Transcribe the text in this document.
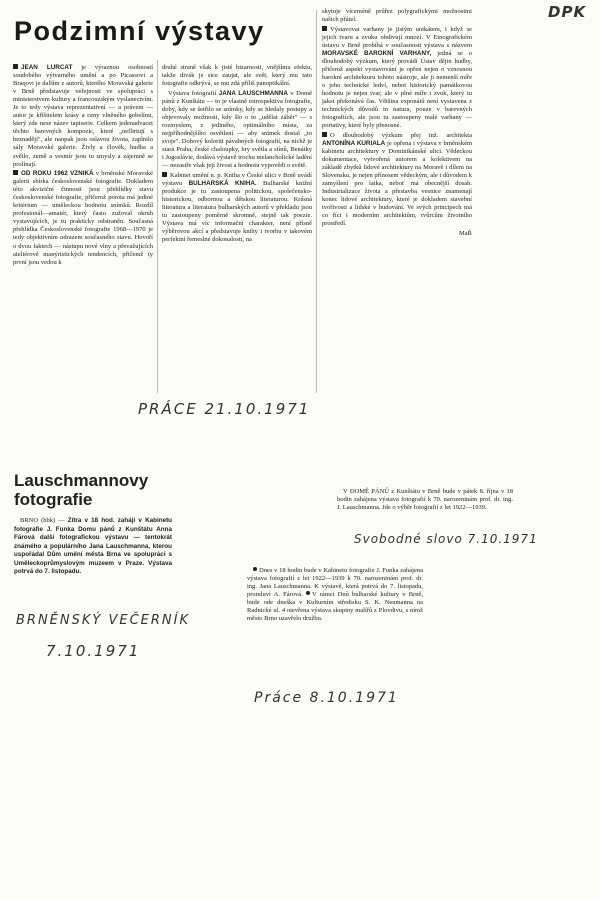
DPK
Podzimní výstavy

JEAN LURCAT je výraznou osobností soudobého výtvarného umění a po Picassovi a Braqovi je dalším z autorů, kterého Moravská galerie v Brně představuje veřejnosti ve spolupráci s ministerstvem kultury a francouzským vyslanectvím. Je to tedy výstava reprezentativní — a právem — autor je kříšitelem krásy a ceny vlněného gobelínu, který zde nese název tapiserie. Celkem jedenadvacet těchto barevných kompozic, které „neflirtují s beznadějí", ale naopak jsou oslavou života, zaplnilo sály Moravské galerie. Živly a člověk, hudba a světlo, země a vesmír jsou tu smysly a zájemně se prolínají.

OD ROKU 1962 VZNIKÁ v brněnské Moravské galerii sbírka československé fotografie. Dokladem této akviziční činnosti jsou přehlídky stavu československé fotografie, přičemž porota má jediné kritérium — uměleckou hodnotu snímků. Rozdíl profesionál—amatér, který často zužoval okruh vystavujících, je tu prakticky odstraněn. Současná přehlídka Československé fotografie 1968—1970 je tedy objektivním odrazem současného stavu. Hovoří o dvou faktech — nástupu nové vlny a převažujících ateliérově manýristických tendencích, přičemž ty první jsou vedou k

druhé straně však k jisté bizarnosti, vnějšímu efektu, takže divák je sice zaujat, ale svět, který mu tato fotografie odkrývá, se mu zdá příliš panoptikální.

Výstava fotografií JANA LAUSCHMANNA v Domě pánů z Kunštátu — to je vlastně retrospektiva fotografie, doby, kdy se šetřilo se snímky, kdy se hledaly postupy a objevovaly možnosti, kdy šlo o to „udělat záběr" — s rozmyslem, z jediného, optimálního místa, za nejpříhodnějšího osvětlení — aby snímek dostal „to svoje". Dobový koloritt pávabných fotografií, na nichž je stará Praha, české chaloupky, hry světla a stínů, Benátky i Jugoslávie, dodává výstavě trochu melancholické ladění — nezastře však její živost a hodnotu vypovědi o světě.

Kabinet umění n. p. Kniha v České ulici v Brně uvádí výstavu BULHARSKÁ KNIHA. Bulharské knižní produkce je tu zastoupena politickou, společensko-historickou, odbornou a dětskou literaturou. Krásná literatura a literatura bulharských autorů v překladu jsou tu zastoupeny poměrně skromně, stejně tak poezie. Výstava má víc informační charakter, není přísně výběrovou akcí a představuje knihy i tvorbu v takovém perfektní řemeslné dokonalosti, na

skytuje víceméně průřez polygrafickými možnostmi našich přátel.

Výstavovat varhany je jistým unikátem, i když se jejich tvaru a zvuku obdivují mnozí. V Etnografickém ústavu v Brně probíhá v současnosti výstava s názvem MORAVSKÉ BAROKNÍ VARHANY, jedná se o dlouhodobý výzkum, který provádí Ústav dějin hudby, přičemž aspekt vystavování je opřen nejen o vznosnou barokní architekturu tohoto nástroje, ale ji nemenší míře o jeho technické ledví, nebot historický památkovou hodnotu je nejen tvar, ale v plné míře i zvuk, který tu jaksi překonává čas. Většina exponátů není vystavena z technických důvodů in natura, pouze v barevných fotografiích, ale jsou tu zastoupeny malé varhany — portativy, které byly přenosné.

O dlouhodobý výzkum přej inž. architekta ANTONÍNA KURIALA je opřena i výstava v brněnském kabinetu architektury v Dominikánské ulici. Vědeckou dokumentace, vytvořená autorem a kolektivem na základě zbytků lidové architektury na Moravě i dílem na Slovensku, je nejen přínosem vědeckým, ale i důvodem k zamyšlení pro laika, neboť má obecnější dosah. Industrializace života a přestavba vesnice znamenají konec lidové architektury, které je dokladem stavební tvořivosti a lidské v budování. Ve svých principech má co říci i moderním architektům, tvůrcům životního prostředí.

MaŘ

PRÁCE 21.10.1971
Lauschmannovy fotografie

BRNO (hbk) — Zítra v 18 hod. zahájí v Kabinetu fotografie J. Funka Domu pánů z Kunštátu Anna Fárová další fotografickou výstavu — tentokrát známého a populárního Jana Lauschmanna, kterou uspořádal Dům umění města Brna ve spolupráci s Uměleckoprůmyslovým muzeem v Praze. Výstava potrvá do 7. listopadu.

BRNĚNSKÝ VEČERNÍK
7.10.1971

V DOMĚ PÁNŮ z Kunštátu v Brně bude v pátek 8. října v 18 hodin zahájena výstava fotografií k 70. narozeninám prof. dr. ing. J. Lauschmanna. Jde o výběr fotografií z let 1922—1939.

Svobodné slovo 7.10.1971

Dnes v 18 hodin bude v Kabinetu fotografie J. Funka zahájena výstava fotografií z let 1922—1939 k 70. narozeninám prof. dr. ing. Jana Lauschmanna. K výstavě, která potrvá do 7. listopadu, promluví A. Fárová. V rámci Dnů bulharské kultury v Brně, bude ode dneška v Kulturním středisku S. K. Neumanna na Radnické ul. 4 otevřena výstava skupiny malířů z Plovdivu, s nímž město Brno uzavřelo družbu.

Práce 8.10.1971
